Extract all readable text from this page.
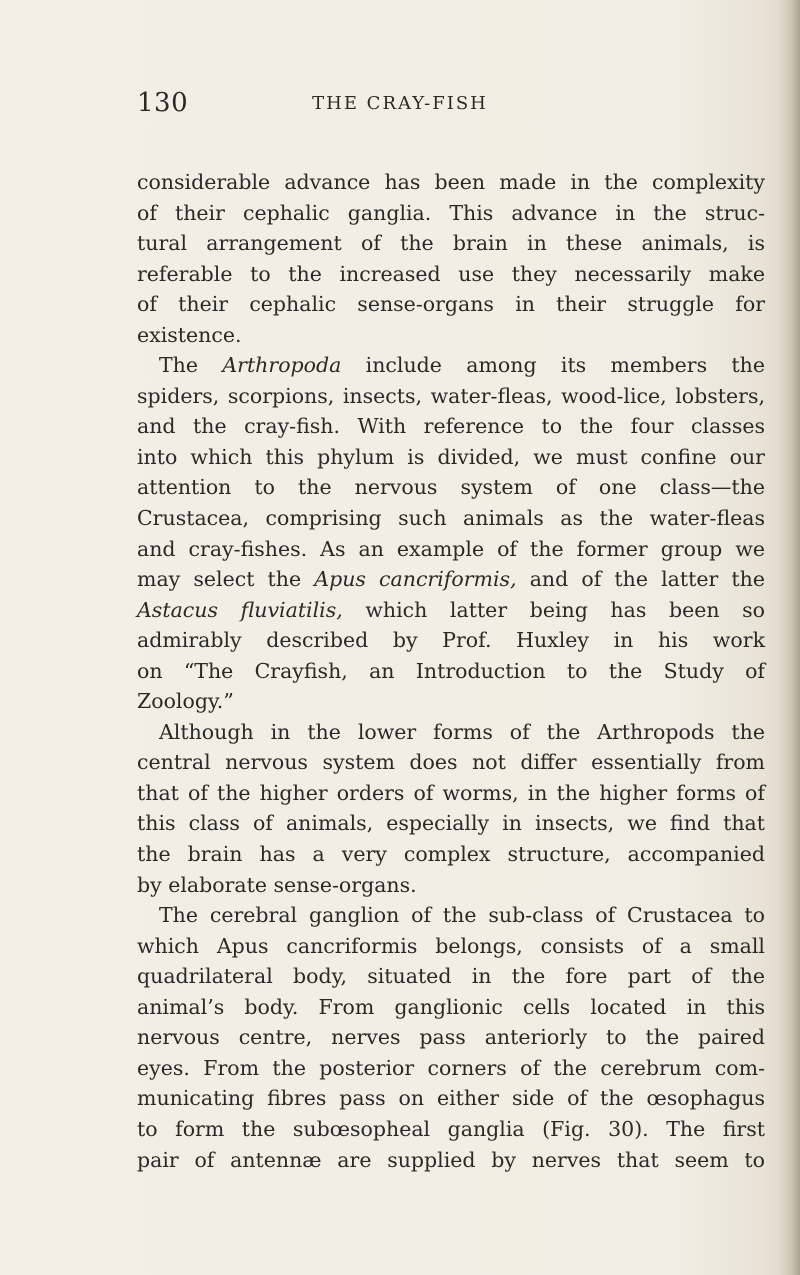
130	THE CRAY-FISH
considerable advance has been made in the complexity
of their cephalic ganglia. This advance in the struc-
tural arrangement of the brain in these animals, is
referable to the increased use they necessarily make
of their cephalic sense-organs in their struggle for
existence.
The Arthropoda include among its members the
spiders, scorpions, insects, water-fleas, wood-lice, lobsters,
and the cray-fish. With reference to the four classes
into which this phylum is divided, we must confine our
attention to the nervous system of one class—the
Crustacea, comprising such animals as the water-fleas
and cray-fishes. As an example of the former group we
may select the Apus cancriformis, and of the latter the
Astacus fluviatilis, which latter being has been so
admirably described by Prof. Huxley in his work
on “The Crayfish, an Introduction to the Study of
Zoology.”
Although in the lower forms of the Arthropods the
central nervous system does not differ essentially from
that of the higher orders of worms, in the higher forms of
this class of animals, especially in insects, we find that
the brain has a very complex structure, accompanied
by elaborate sense-organs.
The cerebral ganglion of the sub-class of Crustacea to
which Apus cancriformis belongs, consists of a small
quadrilateral body, situated in the fore part of the
animal’s body. From ganglionic cells located in this
nervous centre, nerves pass anteriorly to the paired
eyes. From the posterior corners of the cerebrum com-
municating fibres pass on either side of the œsophagus
to form the subœsopheal ganglia (Fig. 30). The first
pair of antennæ are supplied by nerves that seem to
